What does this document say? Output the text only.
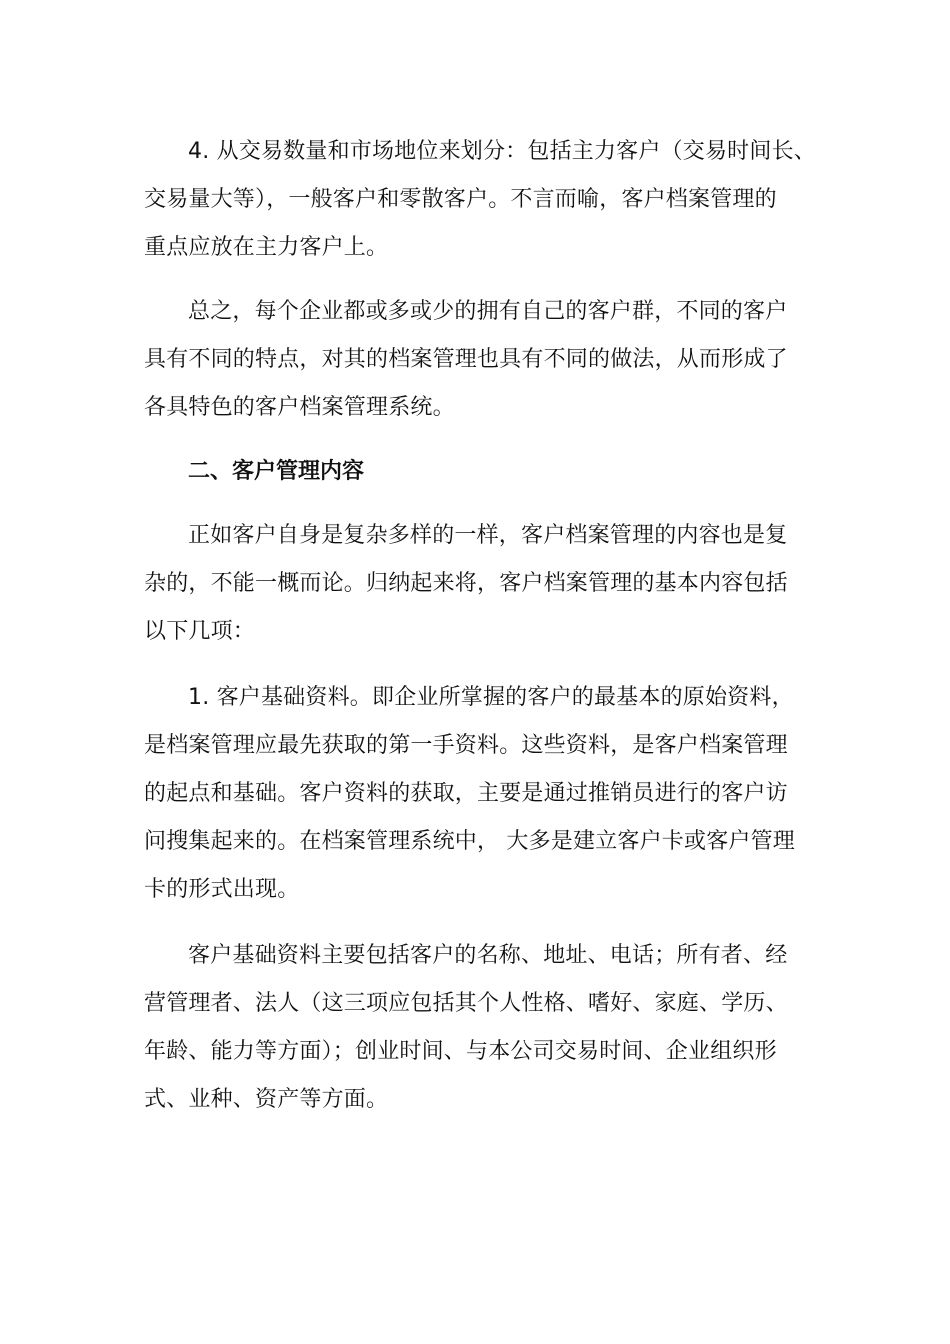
4. 从交易数量和市场地位来划分：包括主力客户（交易时间长、
交易量大等），一般客户和零散客户。不言而喻，客户档案管理的
重点应放在主力客户上。
总之，每个企业都或多或少的拥有自己的客户群，不同的客户
具有不同的特点，对其的档案管理也具有不同的做法，从而形成了
各具特色的客户档案管理系统。
二、客户管理内容
正如客户自身是复杂多样的一样，客户档案管理的内容也是复
杂的，不能一概而论。归纳起来将，客户档案管理的基本内容包括
以下几项：
1. 客户基础资料。即企业所掌握的客户的最基本的原始资料，
是档案管理应最先获取的第一手资料。这些资料，是客户档案管理
的起点和基础。客户资料的获取，主要是通过推销员进行的客户访
问搜集起来的。在档案管理系统中， 大多是建立客户卡或客户管理
卡的形式出现。
客户基础资料主要包括客户的名称、地址、电话；所有者、经
营管理者、法人（这三项应包括其个人性格、嗜好、家庭、学历、
年龄、能力等方面）；创业时间、与本公司交易时间、企业组织形
式、业种、资产等方面。
